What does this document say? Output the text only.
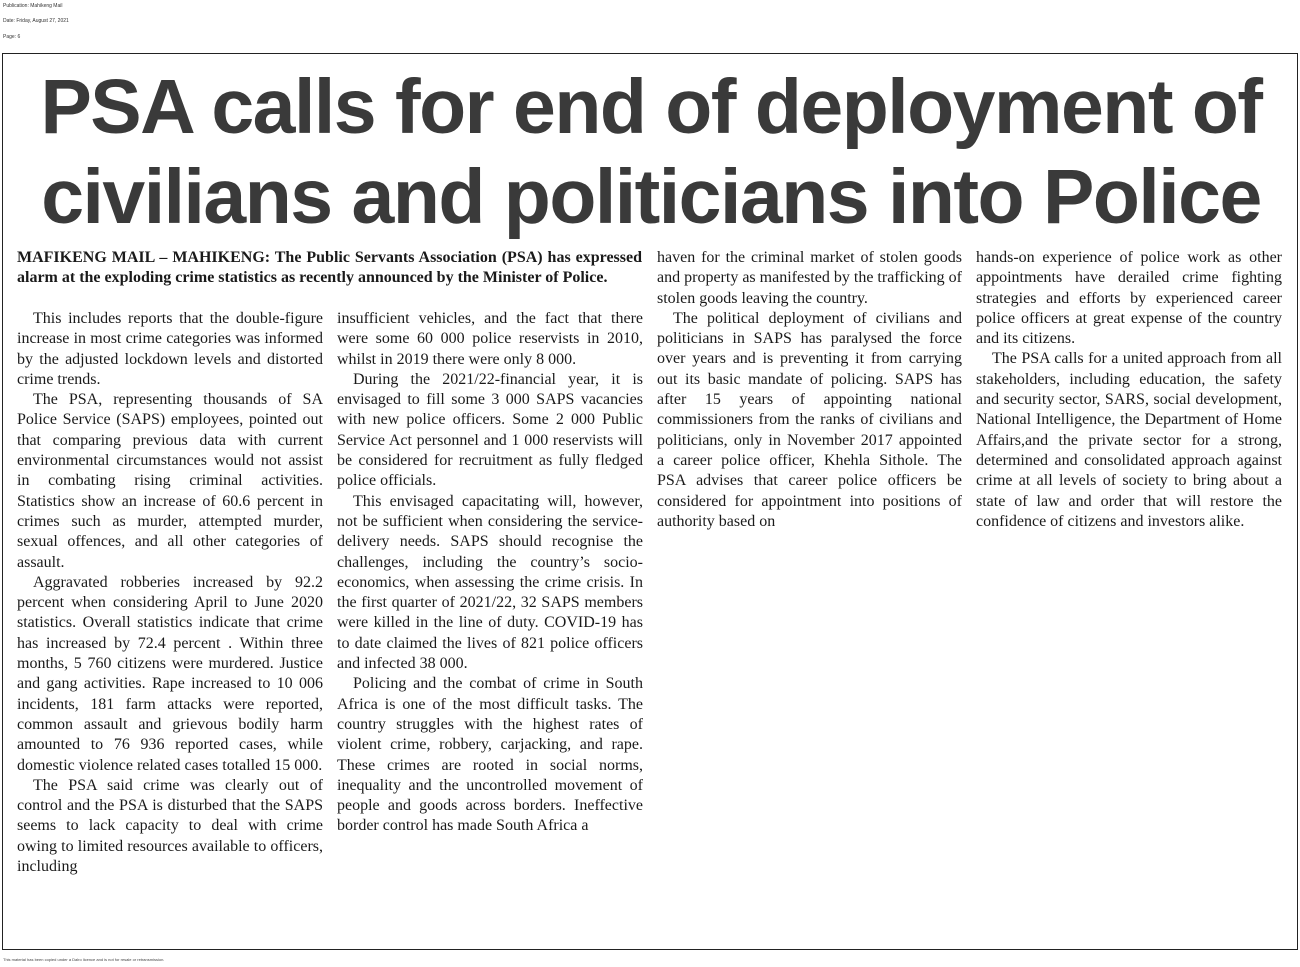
Publication: Mahikeng Mail
Date: Friday, August 27, 2021
Page: 6
PSA calls for end of deployment of
civilians and politicians into Police

MAFIKENG MAIL – MAHIKENG: The Public Servants Association (PSA) has expressed alarm at the exploding crime statistics as recently announced by the Minister of Police.

This includes reports that the double-figure increase in most crime categories was informed by the adjusted lockdown levels and distorted crime trends.

The PSA, representing thousands of SA Police Service (SAPS) employees, pointed out that comparing previous data with current environmental circumstances would not assist in combating rising criminal activities. Statistics show an increase of 60.6 percent in crimes such as murder, attempted murder, sexual offences, and all other categories of assault.

Aggravated robberies increased by 92.2 percent when considering April to June 2020 statistics. Overall statistics indicate that crime has increased by 72.4 percent . Within three months, 5 760 citizens were murdered. Justice and gang activities. Rape increased to 10 006 incidents, 181 farm attacks were reported, common assault and grievous bodily harm amounted to 76 936 reported cases, while domestic violence related cases totalled 15 000.

The PSA said crime was clearly out of control and the PSA is disturbed that the SAPS seems to lack capacity to deal with crime owing to limited resources available to officers, including

insufficient vehicles, and the fact that there were some 60 000 police reservists in 2010, whilst in 2019 there were only 8 000.

During the 2021/22-financial year, it is envisaged to fill some 3 000 SAPS vacancies with new police officers. Some 2 000 Public Service Act personnel and 1 000 reservists will be considered for recruitment as fully fledged police officials.

This envisaged capacitating will, however, not be sufficient when considering the service-delivery needs. SAPS should recognise the challenges, including the country’s socio-economics, when assessing the crime crisis. In the first quarter of 2021/22, 32 SAPS members were killed in the line of duty. COVID-19 has to date claimed the lives of 821 police officers and infected 38 000.

Policing and the combat of crime in South Africa is one of the most difficult tasks. The country struggles with the highest rates of violent crime, robbery, carjacking, and rape. These crimes are rooted in social norms, inequality and the uncontrolled movement of people and goods across borders. Ineffective border control has made South Africa a

haven for the criminal market of stolen goods and property as manifested by the trafficking of stolen goods leaving the country.

The political deployment of civilians and politicians in SAPS has paralysed the force over years and is preventing it from carrying out its basic mandate of policing. SAPS has after 15 years of appointing national commissioners from the ranks of civilians and politicians, only in November 2017 appointed a career police officer, Khehla Sithole. The PSA advises that career police officers be considered for appointment into positions of authority based on

hands-on experience of police work as other appointments have derailed crime fighting strategies and efforts by experienced career police officers at great expense of the country and its citizens.

The PSA calls for a united approach from all stakeholders, including education, the safety and security sector, SARS, social development, National Intelligence, the Department of Home Affairs,and the private sector for a strong, determined and consolidated approach against crime at all levels of society to bring about a state of law and order that will restore the confidence of citizens and investors alike.

This material has been copied under a Dalro licence and is not for resale or retransmission.
